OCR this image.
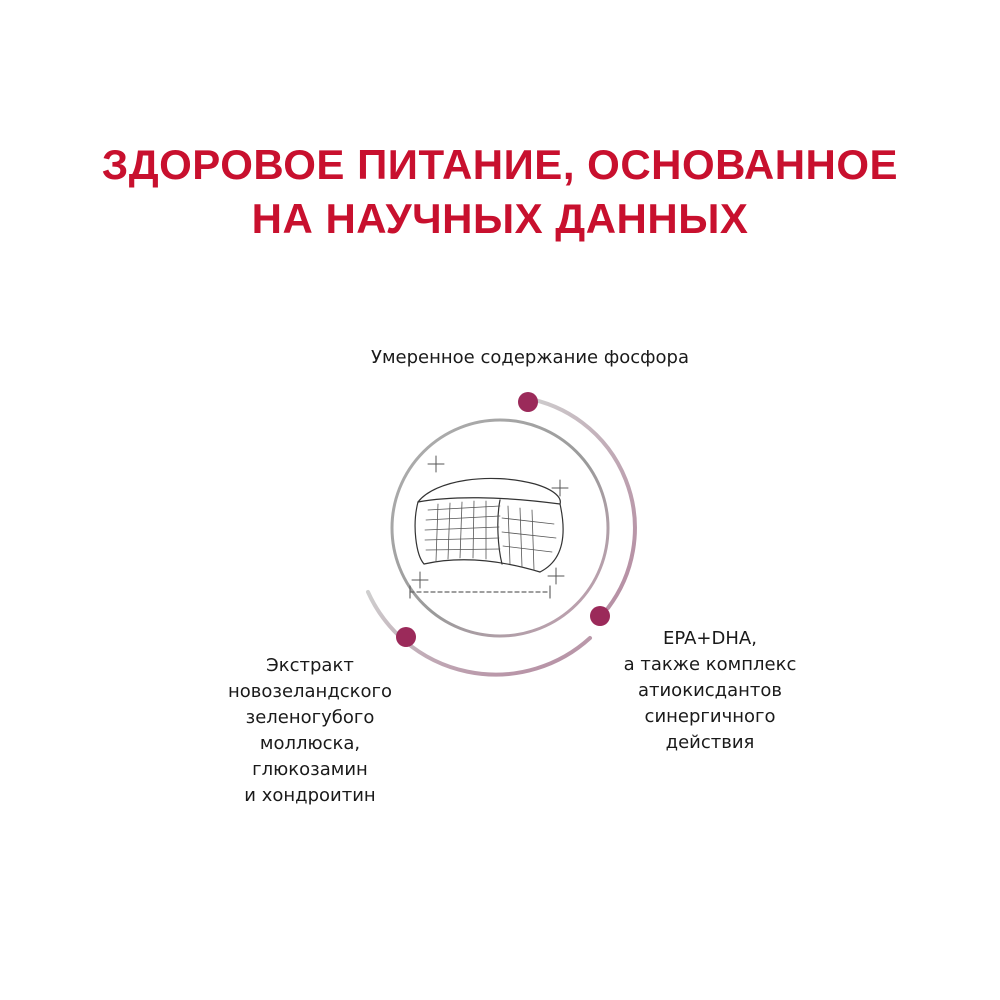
ЗДОРОВОЕ ПИТАНИЕ, ОСНОВАННОЕ
НА НАУЧНЫХ ДАННЫХ
Умеренное содержание фосфора
Экстракт
новозеландского
зеленогубого
моллюска,
глюкозамин
и хондроитин
EPA+DHA,
а также комплекс
атиокисдантов
синергичного
действия
